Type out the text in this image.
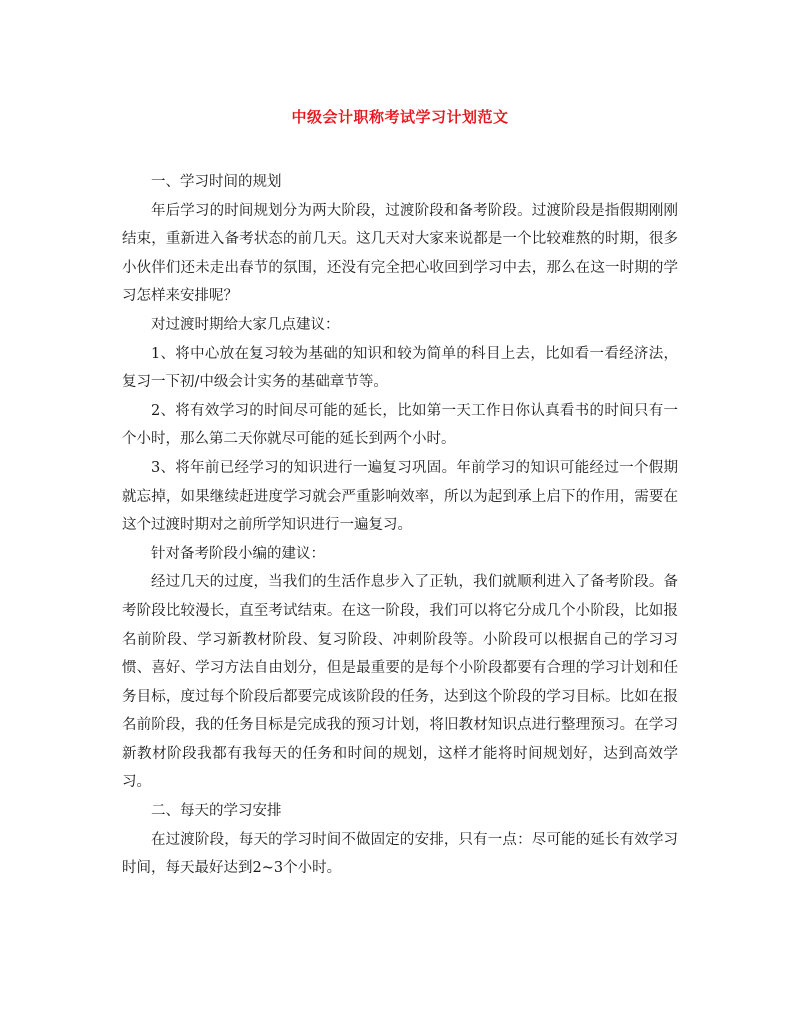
中级会计职称考试学习计划范文

一、学习时间的规划

年后学习的时间规划分为两大阶段，过渡阶段和备考阶段。过渡阶段是指假期刚刚结束，重新进入备考状态的前几天。这几天对大家来说都是一个比较难熬的时期，很多小伙伴们还未走出春节的氛围，还没有完全把心收回到学习中去，那么在这一时期的学习怎样来安排呢？

对过渡时期给大家几点建议：

1、将中心放在复习较为基础的知识和较为简单的科目上去，比如看一看经济法，复习一下初/中级会计实务的基础章节等。

2、将有效学习的时间尽可能的延长，比如第一天工作日你认真看书的时间只有一个小时，那么第二天你就尽可能的延长到两个小时。

3、将年前已经学习的知识进行一遍复习巩固。年前学习的知识可能经过一个假期就忘掉，如果继续赶进度学习就会严重影响效率，所以为起到承上启下的作用，需要在这个过渡时期对之前所学知识进行一遍复习。

针对备考阶段小编的建议：

经过几天的过度，当我们的生活作息步入了正轨，我们就顺利进入了备考阶段。备考阶段比较漫长，直至考试结束。在这一阶段，我们可以将它分成几个小阶段，比如报名前阶段、学习新教材阶段、复习阶段、冲刺阶段等。小阶段可以根据自己的学习习惯、喜好、学习方法自由划分，但是最重要的是每个小阶段都要有合理的学习计划和任务目标，度过每个阶段后都要完成该阶段的任务，达到这个阶段的学习目标。比如在报名前阶段，我的任务目标是完成我的预习计划，将旧教材知识点进行整理预习。在学习新教材阶段我都有我每天的任务和时间的规划，这样才能将时间规划好，达到高效学习。

二、每天的学习安排

在过渡阶段，每天的学习时间不做固定的安排，只有一点：尽可能的延长有效学习时间，每天最好达到2~3个小时。
